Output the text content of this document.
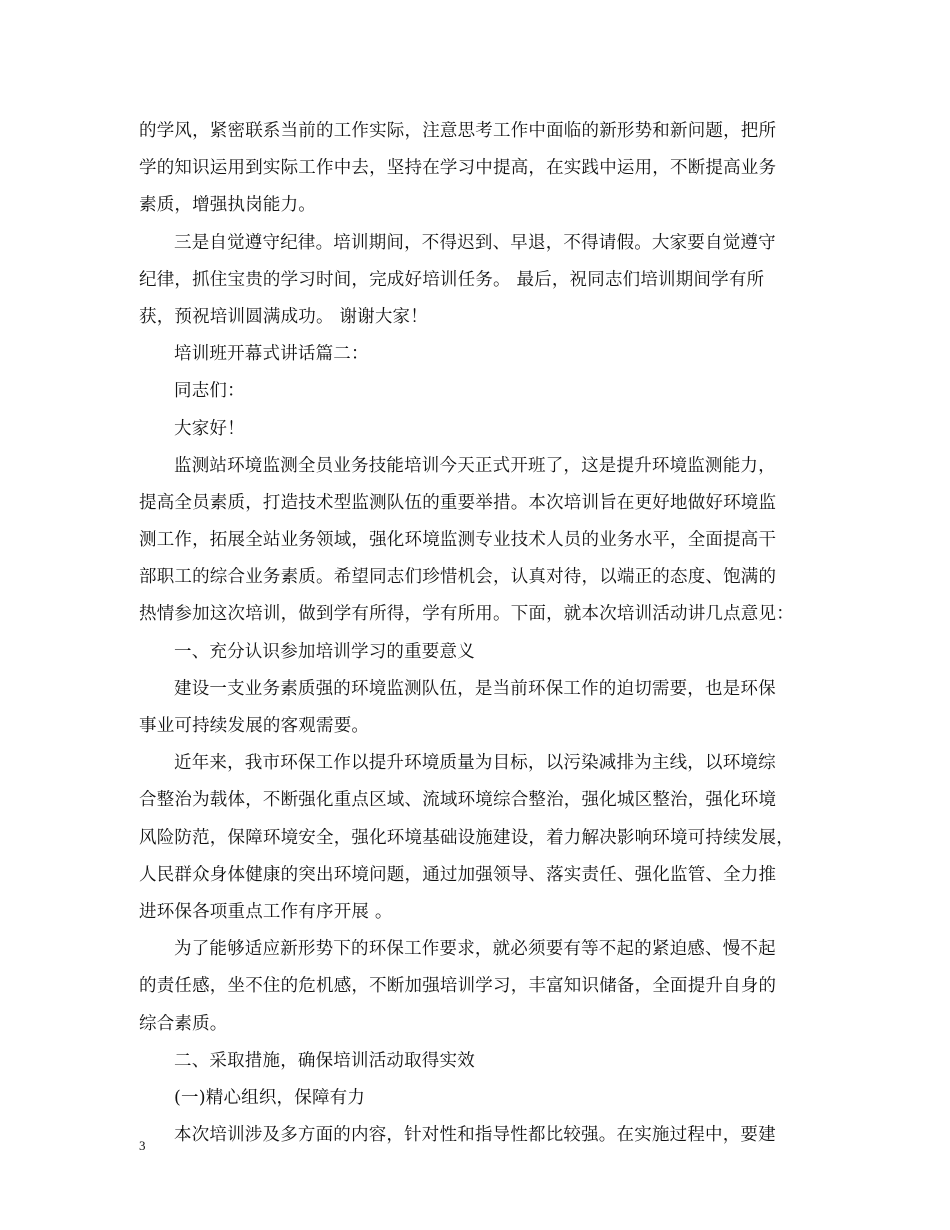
的学风，紧密联系当前的工作实际，注意思考工作中面临的新形势和新问题，把所
学的知识运用到实际工作中去，坚持在学习中提高，在实践中运用，不断提高业务
素质，增强执岗能力。
三是自觉遵守纪律。培训期间，不得迟到、早退，不得请假。大家要自觉遵守
纪律，抓住宝贵的学习时间，完成好培训任务。 最后，祝同志们培训期间学有所
获，预祝培训圆满成功。 谢谢大家！
培训班开幕式讲话篇二：
同志们：
大家好！
监测站环境监测全员业务技能培训今天正式开班了，这是提升环境监测能力，
提高全员素质，打造技术型监测队伍的重要举措。本次培训旨在更好地做好环境监
测工作，拓展全站业务领域，强化环境监测专业技术人员的业务水平，全面提高干
部职工的综合业务素质。希望同志们珍惜机会，认真对待，以端正的态度、饱满的
热情参加这次培训，做到学有所得，学有所用。下面，就本次培训活动讲几点意见：
一、充分认识参加培训学习的重要意义
建设一支业务素质强的环境监测队伍，是当前环保工作的迫切需要，也是环保
事业可持续发展的客观需要。
近年来，我市环保工作以提升环境质量为目标，以污染减排为主线，以环境综
合整治为载体，不断强化重点区域、流域环境综合整治，强化城区整治，强化环境
风险防范，保障环境安全，强化环境基础设施建设，着力解决影响环境可持续发展，
人民群众身体健康的突出环境问题，通过加强领导、落实责任、强化监管、全力推
进环保各项重点工作有序开展 。
为了能够适应新形势下的环保工作要求，就必须要有等不起的紧迫感、慢不起
的责任感，坐不住的危机感，不断加强培训学习，丰富知识储备，全面提升自身的
综合素质。
二、采取措施，确保培训活动取得实效
(一)精心组织，保障有力
本次培训涉及多方面的内容，针对性和指导性都比较强。在实施过程中，要建
3
